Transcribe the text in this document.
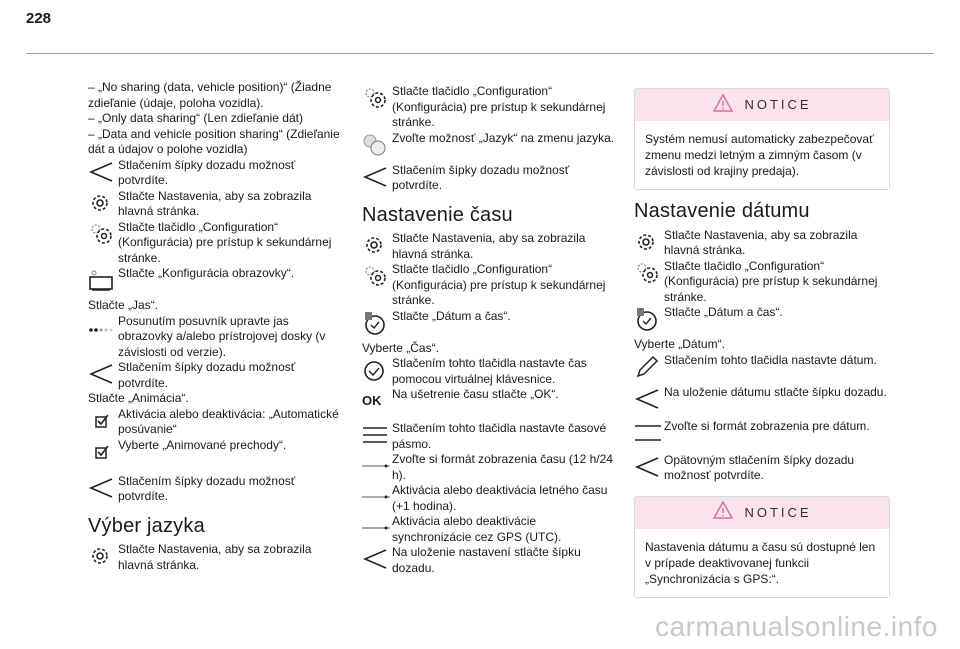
228

– „No sharing (data, vehicle position)“ (Žiadne zdieľanie (údaje, poloha vozidla).

– „Only data sharing“ (Len zdieľanie dát)

– „Data and vehicle position sharing“ (Zdieľanie dát a údajov o polohe vozidla)

Stlačením šípky dozadu možnosť potvrdíte.
Stlačte Nastavenia, aby sa zobrazila hlavná stránka.
Stlačte tlačidlo „Configuration“ (Konfigurácia) pre prístup k sekundárnej stránke.
Stlačte „Konfigurácia obrazovky“.

Stlačte „Jas“.

Posunutím posuvník upravte jas obrazovky a/alebo prístrojovej dosky (v závislosti od verzie).
Stlačením šípky dozadu možnosť potvrdíte.

Stlačte „Animácia“.

Aktivácia alebo deaktivácia: „Automatické posúvanie“
Vyberte „Animované prechody“.
Stlačením šípky dozadu možnosť potvrdíte.
Výber jazyka
Stlačte Nastavenia, aby sa zobrazila hlavná stránka.
Stlačte tlačidlo „Configuration“ (Konfigurácia) pre prístup k sekundárnej stránke.
Zvoľte možnosť „Jazyk“ na zmenu jazyka.
Stlačením šípky dozadu možnosť potvrdíte.
Nastavenie času
Stlačte Nastavenia, aby sa zobrazila hlavná stránka.
Stlačte tlačidlo „Configuration“ (Konfigurácia) pre prístup k sekundárnej stránke.
Stlačte „Dátum a čas“.

Vyberte „Čas“.

Stlačením tohto tlačidla nastavte čas pomocou virtuálnej klávesnice.
OK Na ušetrenie času stlačte „OK“.
Stlačením tohto tlačidla nastavte časové pásmo.
Zvoľte si formát zobrazenia času (12 h/24 h).
Aktivácia alebo deaktivácia letného času (+1 hodina).
Aktivácia alebo deaktivácie synchronizácie cez GPS (UTC).
Na uloženie nastavení stlačte šípku dozadu.
NOTICE
Systém nemusí automaticky zabezpečovať zmenu medzi letným a zimným časom (v závislosti od krajiny predaja).
Nastavenie dátumu
Stlačte Nastavenia, aby sa zobrazila hlavná stránka.
Stlačte tlačidlo „Configuration“ (Konfigurácia) pre prístup k sekundárnej stránke.
Stlačte „Dátum a čas“.

Vyberte „Dátum“.

Stlačením tohto tlačidla nastavte dátum.
Na uloženie dátumu stlačte šípku dozadu.
Zvoľte si formát zobrazenia pre dátum.
Opätovným stlačením šípky dozadu možnosť potvrdíte.
NOTICE
Nastavenia dátumu a času sú dostupné len v prípade deaktivovanej funkcii „Synchronizácia s GPS:“.
carmanualsonline.info
